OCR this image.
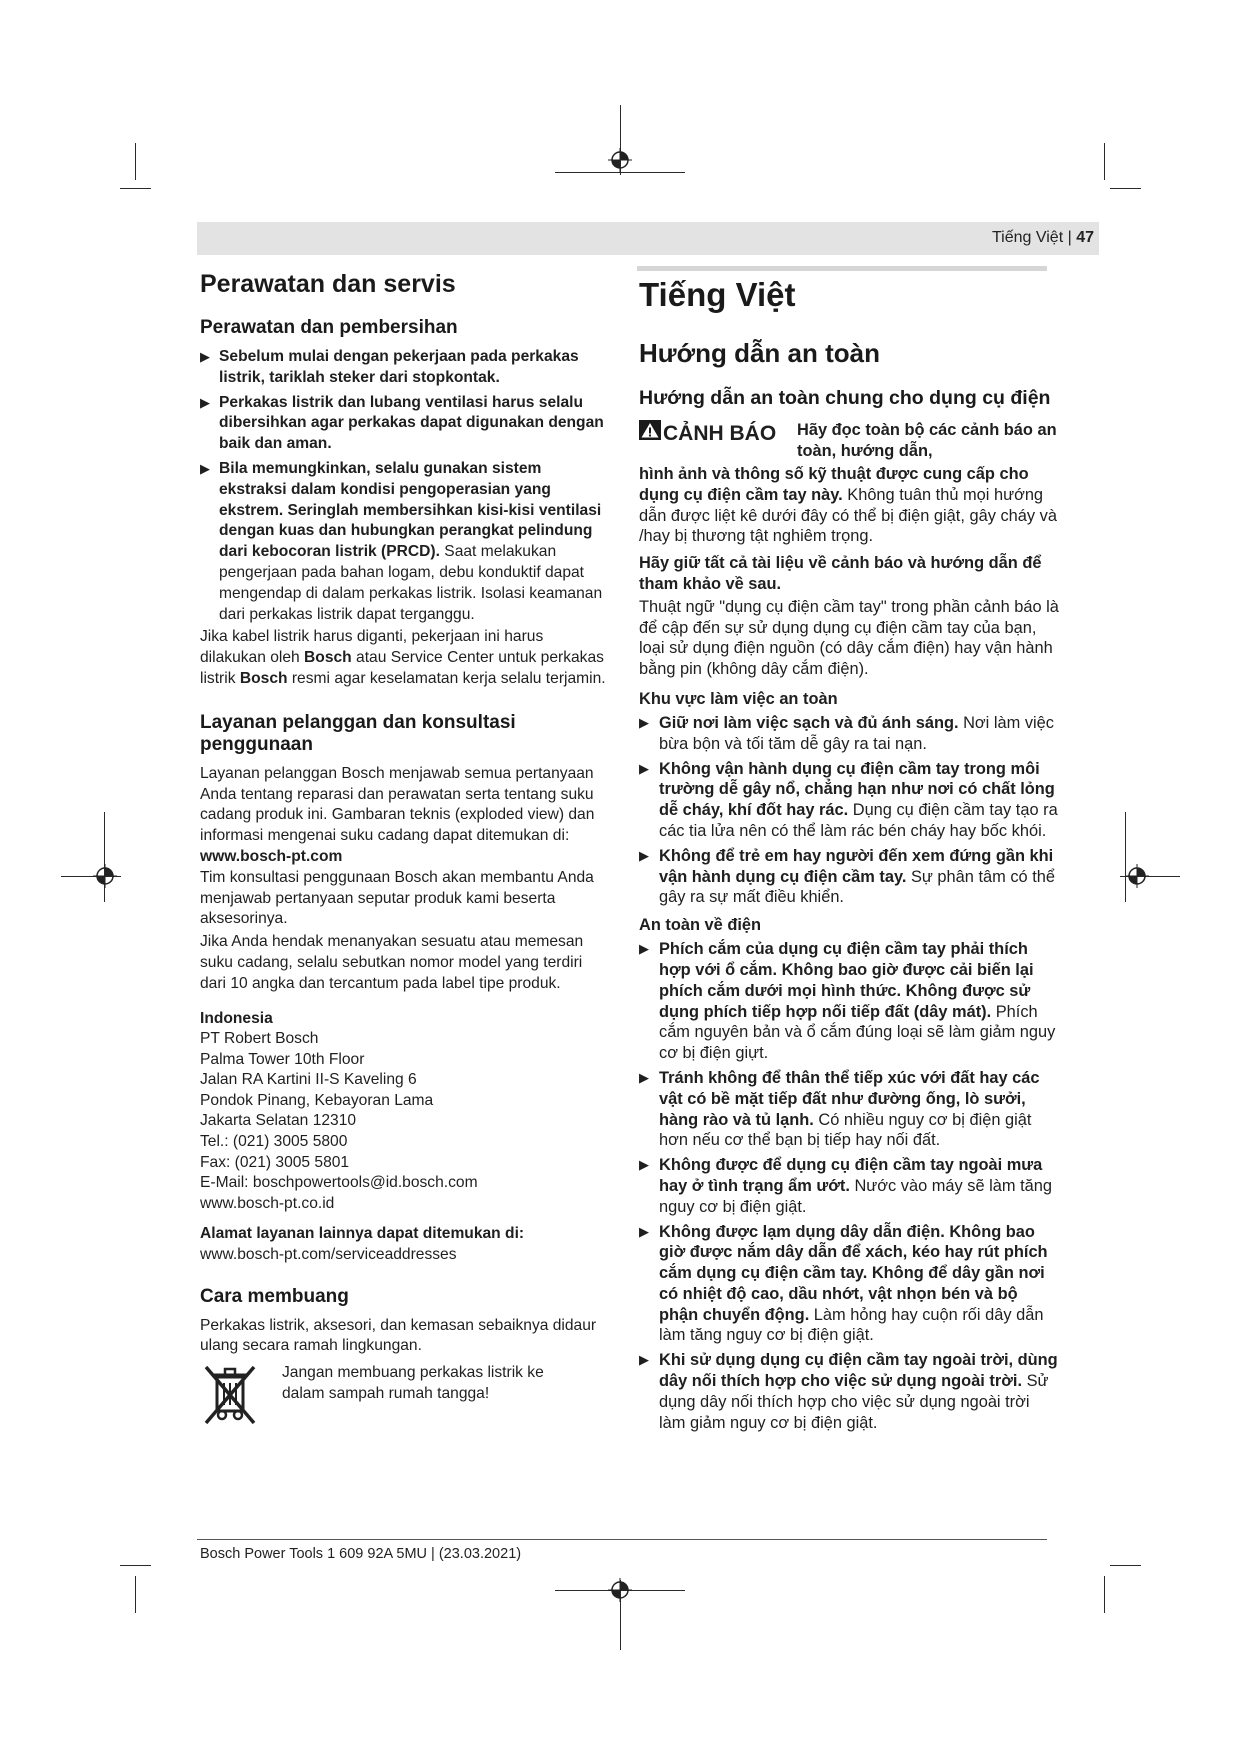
Tiếng Việt | 47
Perawatan dan servis
Perawatan dan pembersihan
▶ Sebelum mulai dengan pekerjaan pada perkakas listrik, tariklah steker dari stopkontak.
▶ Perkakas listrik dan lubang ventilasi harus selalu dibersihkan agar perkakas dapat digunakan dengan baik dan aman.
▶ Bila memungkinkan, selalu gunakan sistem ekstraksi dalam kondisi pengoperasian yang ekstrem. Seringlah membersihkan kisi-kisi ventilasi dengan kuas dan hubungkan perangkat pelindung dari kebocoran listrik (PRCD). Saat melakukan pengerjaan pada bahan logam, debu konduktif dapat mengendap di dalam perkakas listrik. Isolasi keamanan dari perkakas listrik dapat terganggu.

Jika kabel listrik harus diganti, pekerjaan ini harus dilakukan oleh Bosch atau Service Center untuk perkakas listrik Bosch resmi agar keselamatan kerja selalu terjamin.

Layanan pelanggan dan konsultasi penggunaan

Layanan pelanggan Bosch menjawab semua pertanyaan Anda tentang reparasi dan perawatan serta tentang suku cadang produk ini. Gambaran teknis (exploded view) dan informasi mengenai suku cadang dapat ditemukan di:

www.bosch-pt.com

Tim konsultasi penggunaan Bosch akan membantu Anda menjawab pertanyaan seputar produk kami beserta aksesorinya.

Jika Anda hendak menanyakan sesuatu atau memesan suku cadang, selalu sebutkan nomor model yang terdiri dari 10 angka dan tercantum pada label tipe produk.

Indonesia

PT Robert Bosch

Palma Tower 10th Floor

Jalan RA Kartini II-S Kaveling 6

Pondok Pinang, Kebayoran Lama

Jakarta Selatan 12310

Tel.: (021) 3005 5800

Fax: (021) 3005 5801

E-Mail: boschpowertools@id.bosch.com

www.bosch-pt.co.id

Alamat layanan lainnya dapat ditemukan di:

www.bosch-pt.com/serviceaddresses

Cara membuang

Perkakas listrik, aksesori, dan kemasan sebaiknya didaur ulang secara ramah lingkungan.

Jangan membuang perkakas listrik ke dalam sampah rumah tangga!

Tiếng Việt
Hướng dẫn an toàn
Hướng dẫn an toàn chung cho dụng cụ điện
CẢNH BÁO Hãy đọc toàn bộ các cảnh báo an toàn, hướng dẫn,

hình ảnh và thông số kỹ thuật được cung cấp cho dụng cụ điện cầm tay này. Không tuân thủ mọi hướng dẫn được liệt kê dưới đây có thể bị điện giật, gây cháy và /hay bị thương tật nghiêm trọng.

Hãy giữ tất cả tài liệu về cảnh báo và hướng dẫn để tham khảo về sau.

Thuật ngữ "dụng cụ điện cầm tay" trong phần cảnh báo là để cập đến sự sử dụng dụng cụ điện cầm tay của bạn, loại sử dụng điện nguồn (có dây cắm điện) hay vận hành bằng pin (không dây cắm điện).

Khu vực làm việc an toàn
▶ Giữ nơi làm việc sạch và đủ ánh sáng. Nơi làm việc bừa bộn và tối tăm dễ gây ra tai nạn.
▶ Không vận hành dụng cụ điện cầm tay trong môi trường dễ gây nổ, chẳng hạn như nơi có chất lỏng dễ cháy, khí đốt hay rác. Dụng cụ điện cầm tay tạo ra các tia lửa nên có thể làm rác bén cháy hay bốc khói.
▶ Không để trẻ em hay người đến xem đứng gần khi vận hành dụng cụ điện cầm tay. Sự phân tâm có thể gây ra sự mất điều khiển.
An toàn về điện
▶ Phích cắm của dụng cụ điện cầm tay phải thích hợp với ổ cắm. Không bao giờ được cải biến lại phích cắm dưới mọi hình thức. Không được sử dụng phích tiếp hợp nối tiếp đất (dây mát). Phích cắm nguyên bản và ổ cắm đúng loại sẽ làm giảm nguy cơ bị điện giựt.
▶ Tránh không để thân thể tiếp xúc với đất hay các vật có bề mặt tiếp đất như đường ống, lò sưởi, hàng rào và tủ lạnh. Có nhiều nguy cơ bị điện giật hơn nếu cơ thể bạn bị tiếp hay nối đất.
▶ Không được để dụng cụ điện cầm tay ngoài mưa hay ở tình trạng ẩm ướt. Nước vào máy sẽ làm tăng nguy cơ bị điện giật.
▶ Không được lạm dụng dây dẫn điện. Không bao giờ được nắm dây dẫn để xách, kéo hay rút phích cắm dụng cụ điện cầm tay. Không để dây gần nơi có nhiệt độ cao, dầu nhớt, vật nhọn bén và bộ phận chuyển động. Làm hỏng hay cuộn rối dây dẫn làm tăng nguy cơ bị điện giật.
▶ Khi sử dụng dụng cụ điện cầm tay ngoài trời, dùng dây nối thích hợp cho việc sử dụng ngoài trời. Sử dụng dây nối thích hợp cho việc sử dụng ngoài trời làm giảm nguy cơ bị điện giật.
Bosch Power Tools 1 609 92A 5MU | (23.03.2021)
